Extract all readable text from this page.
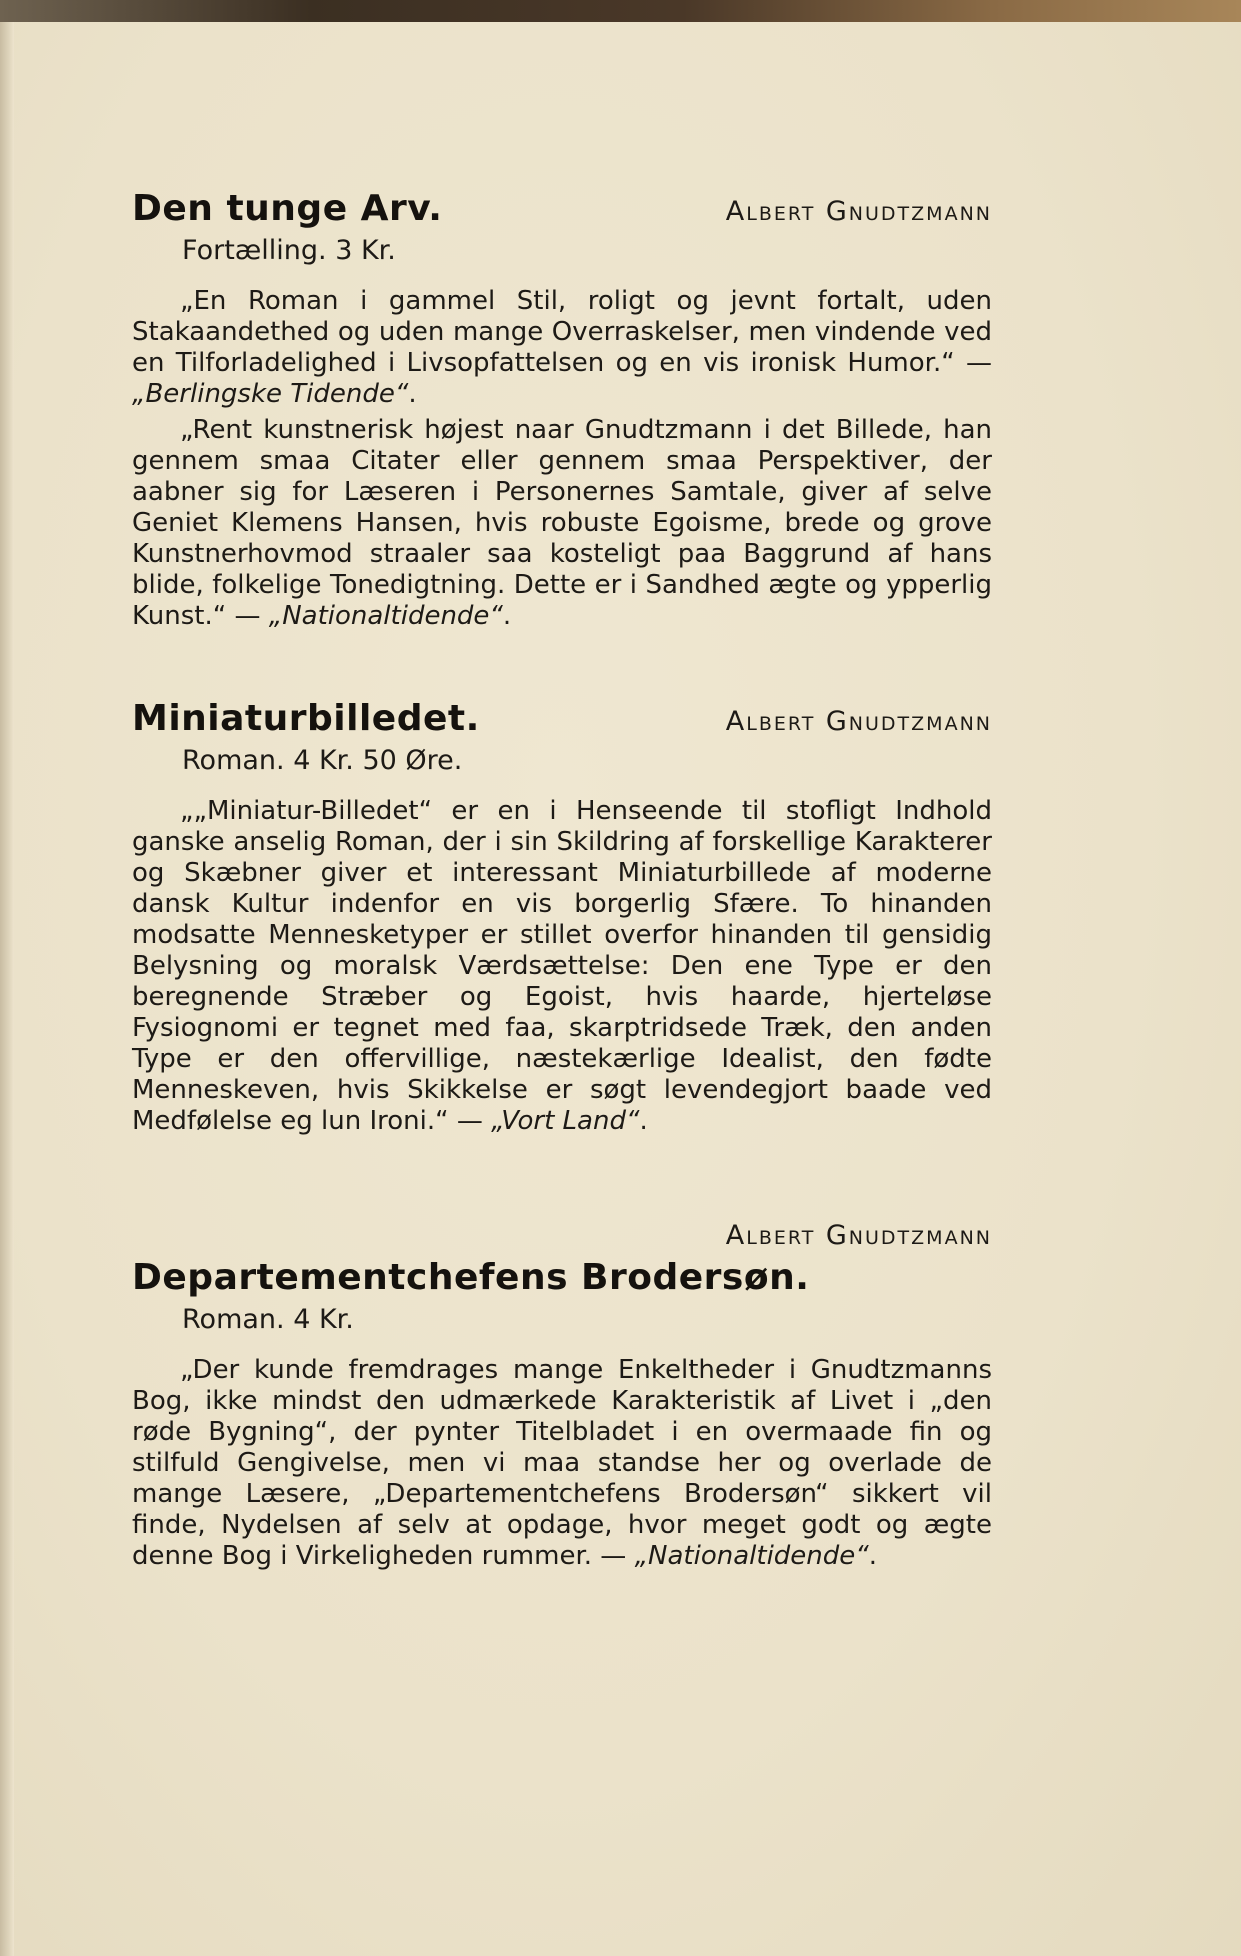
Den tunge Arv.	Albert Gnudtzmann
Fortælling. 3 Kr.

„En Roman i gammel Stil, roligt og jevnt fortalt, uden Stakaandethed og uden mange Overraskelser, men vindende ved en Tilforladelighed i Livsopfattelsen og en vis ironisk Humor.“ — „Berlingske Tidende“.

„Rent kunstnerisk højest naar Gnudtzmann i det Billede, han gennem smaa Citater eller gennem smaa Perspektiver, der aabner sig for Læseren i Personernes Samtale, giver af selve Geniet Klemens Hansen, hvis robuste Egoisme, brede og grove Kunstnerhovmod straaler saa kosteligt paa Baggrund af hans blide, folkelige Tonedigtning. Dette er i Sandhed ægte og ypperlig Kunst.“ — „Nationaltidende“.

Miniaturbilledet.	Albert Gnudtzmann
Roman. 4 Kr. 50 Øre.

„„Miniatur-Billedet“ er en i Henseende til stofligt Indhold ganske anselig Roman, der i sin Skildring af forskellige Karakterer og Skæbner giver et interessant Miniaturbillede af moderne dansk Kultur indenfor en vis borgerlig Sfære. To hinanden modsatte Mennesketyper er stillet overfor hinanden til gensidig Belysning og moralsk Værdsættelse: Den ene Type er den beregnende Stræber og Egoist, hvis haarde, hjerteløse Fysiognomi er tegnet med faa, skarptridsede Træk, den anden Type er den offervillige, næstekærlige Idealist, den fødte Menneskeven, hvis Skikkelse er søgt levendegjort baade ved Medfølelse eg lun Ironi.“ — „Vort Land“.

Albert Gnudtzmann
Departementchefens Brodersøn.
Roman. 4 Kr.

„Der kunde fremdrages mange Enkeltheder i Gnudtzmanns Bog, ikke mindst den udmærkede Karakteristik af Livet i „den røde Bygning“, der pynter Titelbladet i en overmaade fin og stilfuld Gengivelse, men vi maa standse her og overlade de mange Læsere, „Departementchefens Brodersøn“ sikkert vil finde, Nydelsen af selv at opdage, hvor meget godt og ægte denne Bog i Virkeligheden rummer. — „Nationaltidende“.
